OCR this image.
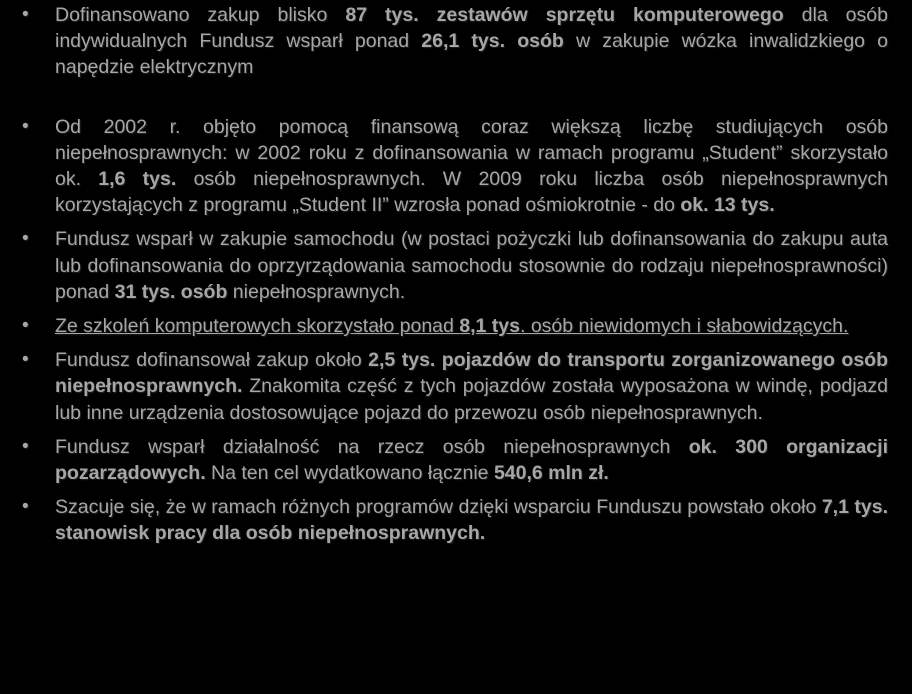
• Dofinansowano zakup blisko 87 tys. zestawów sprzętu komputerowego dla osób indywidualnych Fundusz wsparł ponad 26,1 tys. osób w zakupie wózka inwalidzkiego o napędzie elektrycznym
• Od 2002 r. objęto pomocą finansową coraz większą liczbę studiujących osób niepełnosprawnych: w 2002 roku z dofinansowania w ramach programu „Student” skorzystało ok. 1,6 tys. osób niepełnosprawnych. W 2009 roku liczba osób niepełnosprawnych korzystających z programu „Student II” wzrosła ponad ośmiokrotnie - do ok. 13 tys.
• Fundusz wsparł w zakupie samochodu (w postaci pożyczki lub dofinansowania do zakupu auta lub dofinansowania do oprzyrządowania samochodu stosownie do rodzaju niepełnosprawności) ponad 31 tys. osób niepełnosprawnych.
• Ze szkoleń komputerowych skorzystało ponad 8,1 tys. osób niewidomych i słabowidzących.
• Fundusz dofinansował zakup około 2,5 tys. pojazdów do transportu zorganizowanego osób niepełnosprawnych. Znakomita część z tych pojazdów została wyposażona w windę, podjazd lub inne urządzenia dostosowujące pojazd do przewozu osób niepełnosprawnych.
• Fundusz wsparł działalność na rzecz osób niepełnosprawnych ok. 300 organizacji pozarządowych. Na ten cel wydatkowano łącznie 540,6 mln zł.
• Szacuje się, że w ramach różnych programów dzięki wsparciu Funduszu powstało około 7,1 tys. stanowisk pracy dla osób niepełnosprawnych.
